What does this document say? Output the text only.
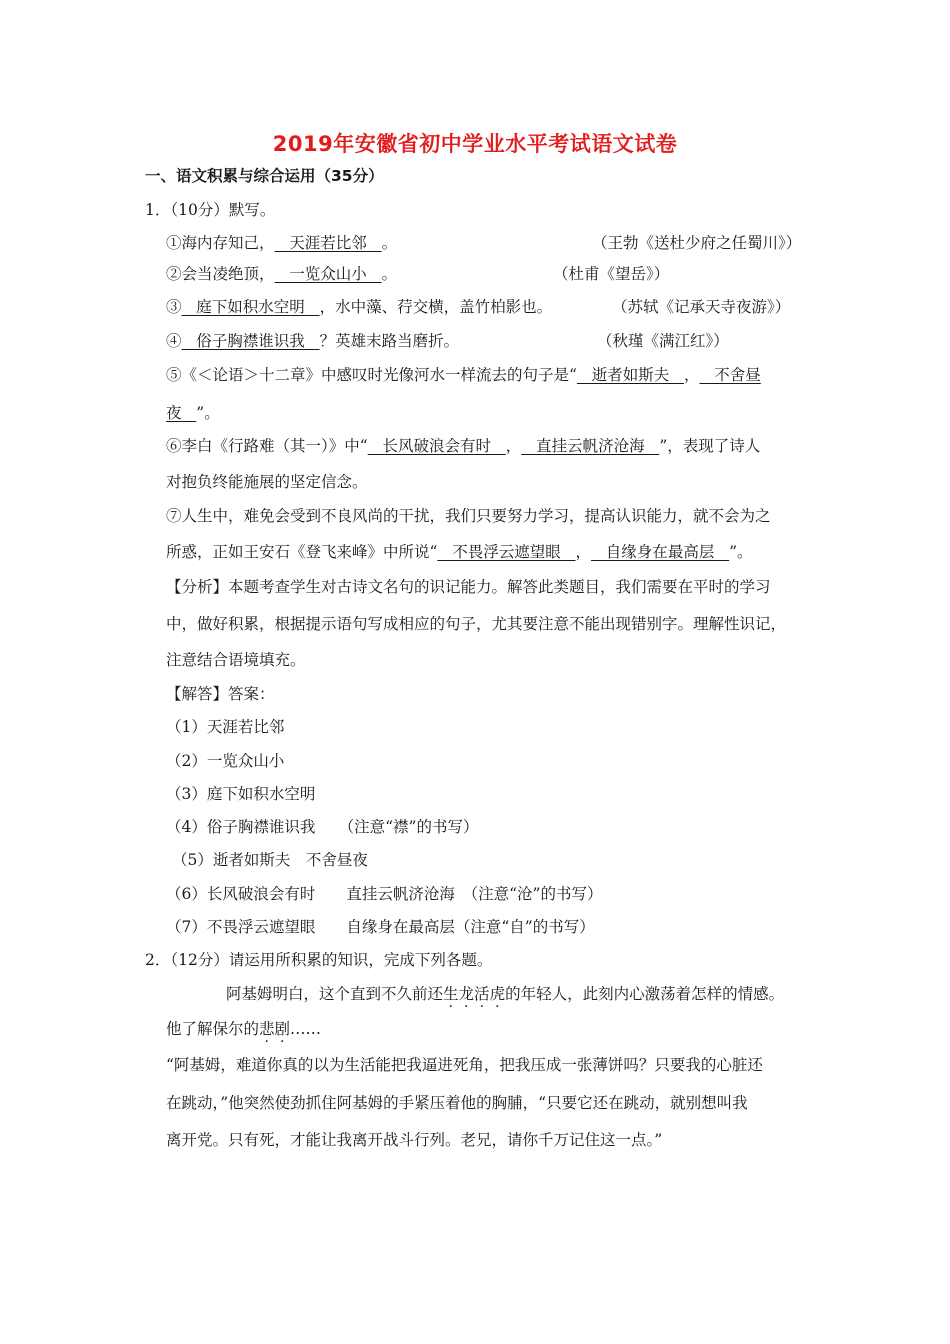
2019年安徽省初中学业水平考试语文试卷
一、语文积累与综合运用（35分）
1．（10分）默写。
①海内存知己，   天涯若比邻   。	（王勃《送杜少府之任蜀川》）
②会当凌绝顶，   一览众山小   。	（杜甫《望岳》）
③   庭下如积水空明   ，水中藻、荇交横，盖竹柏影也。	（苏轼《记承天寺夜游》）
④   俗子胸襟谁识我   ？英雄末路当磨折。	（秋瑾《满江红》）
⑤《＜论语＞十二章》中感叹时光像河水一样流去的句子是“   逝者如斯夫   ，   不舍昼
夜   ”。
⑥李白《行路难（其一）》中“   长风破浪会有时   ，   直挂云帆济沧海   ”，表现了诗人
对抱负终能施展的坚定信念。
⑦人生中，难免会受到不良风尚的干扰，我们只要努力学习，提高认识能力，就不会为之
所惑，正如王安石《登飞来峰》中所说“   不畏浮云遮望眼   ，   自缘身在最高层   ”。
【分析】本题考查学生对古诗文名句的识记能力。解答此类题目，我们需要在平时的学习
中，做好积累，根据提示语句写成相应的句子，尤其要注意不能出现错别字。理解性识记，
注意结合语境填充。
【解答】答案：
（1）天涯若比邻
（2）一览众山小
（3）庭下如积水空明
（4）俗子胸襟谁识我　　（注意“襟”的书写）
（5）逝者如斯夫　不舍昼夜
（6）长风破浪会有时　　直挂云帆济沧海　（注意“沧”的书写）
（7）不畏浮云遮望眼　　自缘身在最高层（注意“自”的书写）
2．（12分）请运用所积累的知识，完成下列各题。
阿基姆明白，这个直到不久前还生龙活虎的年轻人，此刻内心激荡着怎样的情感。
他了解保尔的悲剧……
“阿基姆，难道你真的以为生活能把我逼进死角，把我压成一张薄饼吗？只要我的心脏还
在跳动，”他突然使劲抓住阿基姆的手紧压着他的胸脯，“只要它还在跳动，就别想叫我
离开党。只有死，才能让我离开战斗行列。老兄，请你千万记住这一点。”
